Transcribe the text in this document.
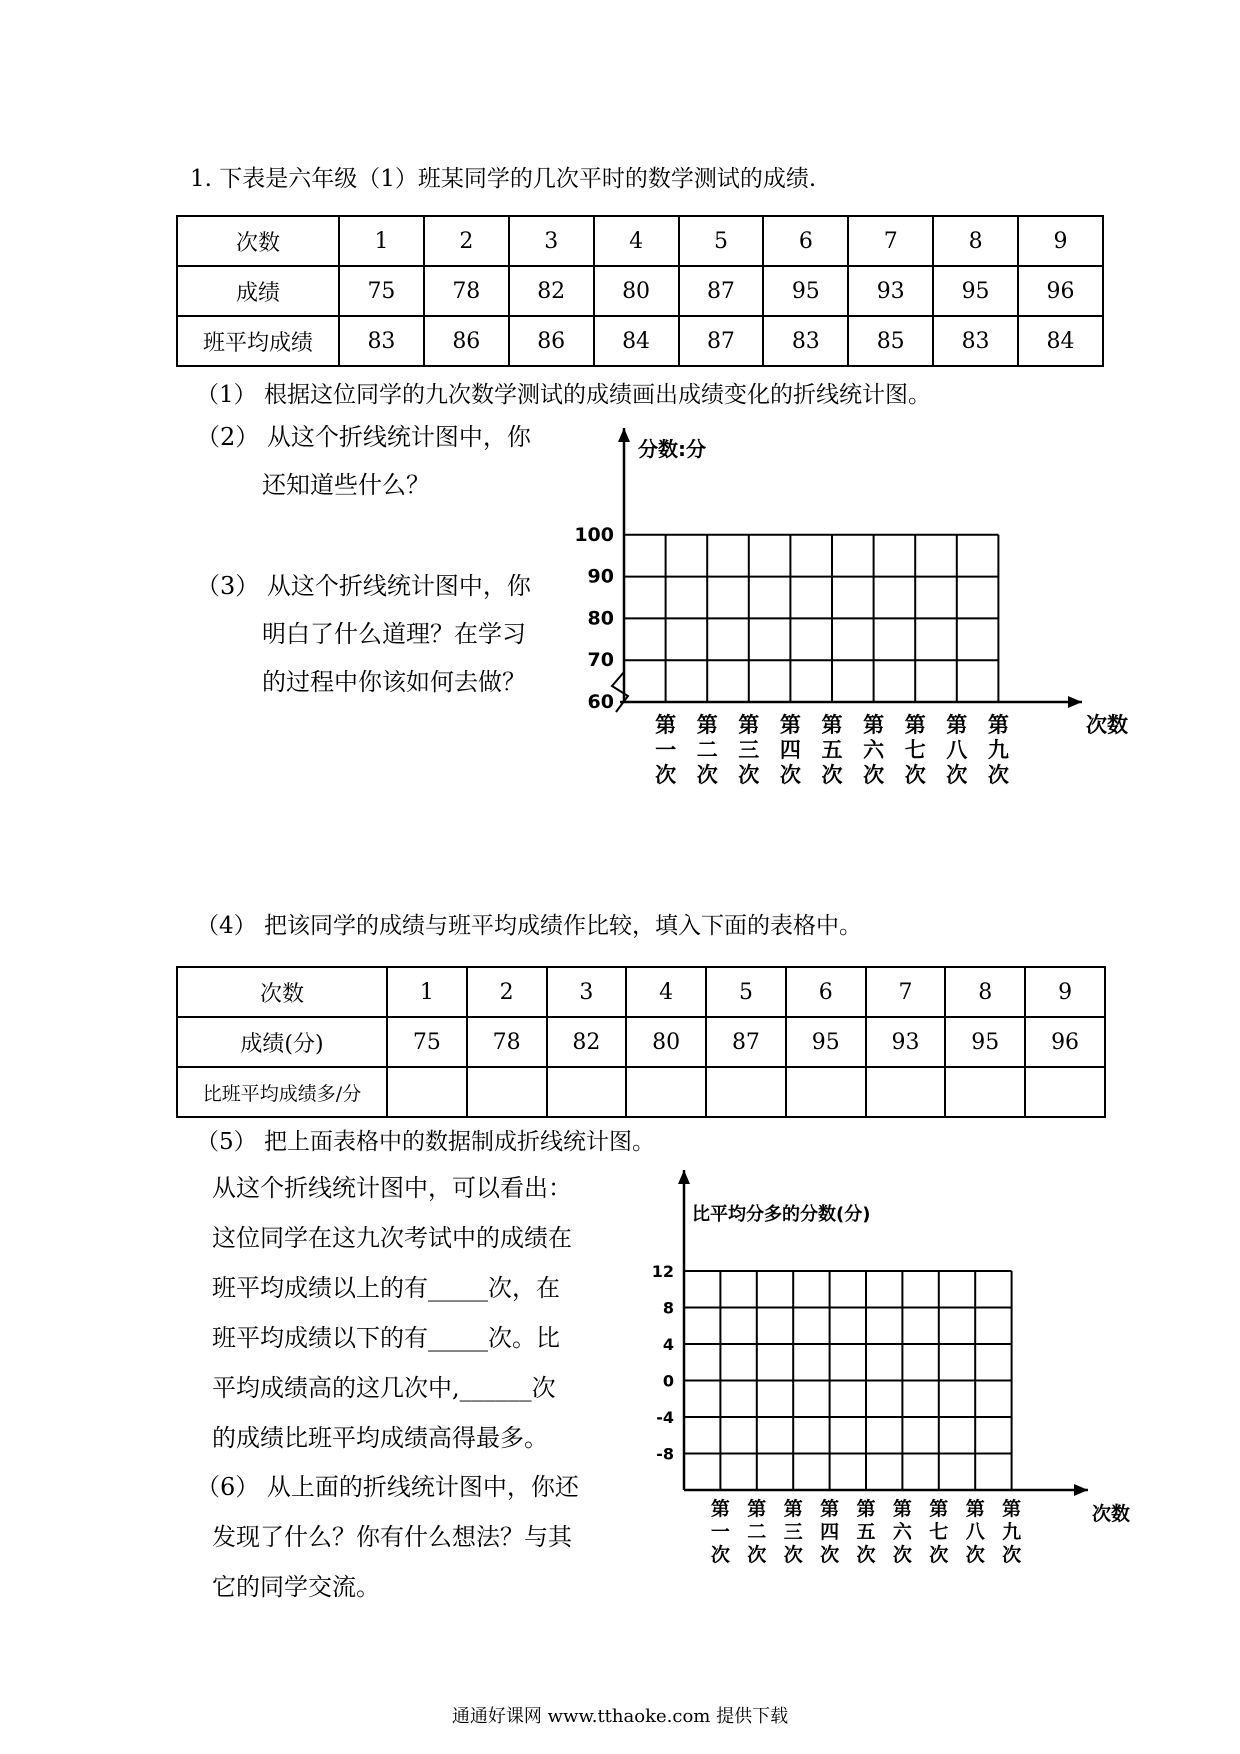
1. 下表是六年级（1）班某同学的几次平时的数学测试的成绩.
次数	1	2	3	4	5	6	7	8	9
成绩	75	78	82	80	87	95	93	95	96
班平均成绩	83	86	86	84	87	83	85	83	84
（1） 根据这位同学的九次数学测试的成绩画出成绩变化的折线统计图。
（2） 从这个折线统计图中，你
还知道些什么？
（3） 从这个折线统计图中，你
明白了什么道理？在学习
的过程中你该如何去做？
分数:分
100
90
80
70
60
第一次
第二次
第三次
第四次
第五次
第六次
第七次
第八次
第九次
次数
（4） 把该同学的成绩与班平均成绩作比较，填入下面的表格中。
次数	1	2	3	4	5	6	7	8	9
成绩(分)	75	78	82	80	87	95	93	95	96
比班平均成绩多/分									
（5） 把上面表格中的数据制成折线统计图。
从这个折线统计图中，可以看出：
这位同学在这九次考试中的成绩在
班平均成绩以上的有_____次，在
班平均成绩以下的有_____次。比
平均成绩高的这几次中,______次
的成绩比班平均成绩高得最多。
（6） 从上面的折线统计图中，你还
发现了什么？你有什么想法？与其
它的同学交流。
比平均分多的分数(分)
12
8
4
0
-4
-8
第一次
第二次
第三次
第四次
第五次
第六次
第七次
第八次
第九次
次数
通通好课网 www.tthaoke.com 提供下载
